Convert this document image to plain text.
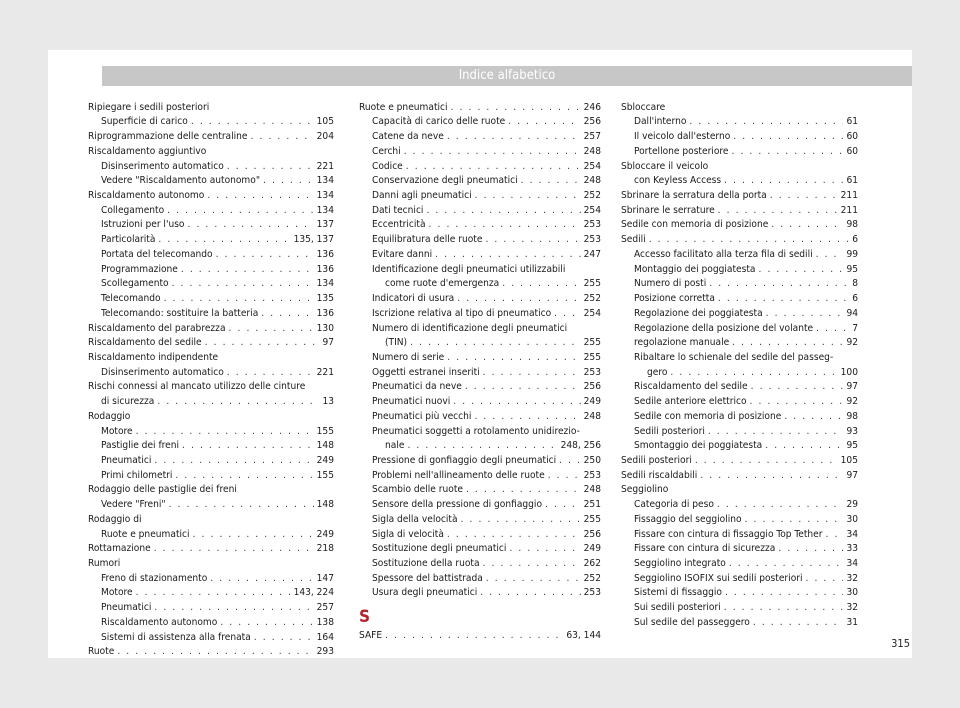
Indice alfabetico
Ripiegare i sedili posteriori
Superficie di carico . . .	105
Riprogrammazione delle centraline . . .	204
Riscaldamento aggiuntivo
Disinserimento automatico . . .	221
Vedere "Riscaldamento autonomo" . . .	134
Riscaldamento autonomo . . .	134
Collegamento . . .	134
Istruzioni per l'uso . . .	137
Particolarità . . .	135, 137
Portata del telecomando . . .	136
Programmazione . . .	136
Scollegamento . . .	134
Telecomando . . .	135
Telecomando: sostituire la batteria . . .	136
Riscaldamento del parabrezza . . .	130
Riscaldamento del sedile . . .	97
Riscaldamento indipendente
Disinserimento automatico . . .	221
Rischi connessi al mancato utilizzo delle cinture
di sicurezza . . .	13
Rodaggio
Motore . . .	155
Pastiglie dei freni . . .	148
Pneumatici . . .	249
Primi chilometri . . .	155
Rodaggio delle pastiglie dei freni
Vedere "Freni" . . .	148
Rodaggio di
Ruote e pneumatici . . .	249
Rottamazione . . .	218
Rumori
Freno di stazionamento . . .	147
Motore . . .	143, 224
Pneumatici . . .	257
Riscaldamento autonomo . . .	138
Sistemi di assistenza alla frenata . . .	164
Ruote . . .	293
Ruote e pneumatici . . .	246
Capacità di carico delle ruote . . .	256
Catene da neve . . .	257
Cerchi . . .	248
Codice . . .	254
Conservazione degli pneumatici . . .	248
Danni agli pneumatici . . .	252
Dati tecnici . . .	254
Eccentricità . . .	253
Equilibratura delle ruote . . .	253
Evitare danni . . .	247
Identificazione degli pneumatici utilizzabili
come ruote d'emergenza . . .	255
Indicatori di usura . . .	252
Iscrizione relativa al tipo di pneumatico . . .	254
Numero di identificazione degli pneumatici
(TIN) . . .	255
Numero di serie . . .	255
Oggetti estranei inseriti . . .	253
Pneumatici da neve . . .	256
Pneumatici nuovi . . .	249
Pneumatici più vecchi . . .	248
Pneumatici soggetti a rotolamento unidirezio-
nale . . .	248, 256
Pressione di gonfiaggio degli pneumatici . . .	250
Problemi nell'allineamento delle ruote . . .	253
Scambio delle ruote . . .	248
Sensore della pressione di gonfiaggio . . .	251
Sigla della velocità . . .	255
Sigla di velocità . . .	256
Sostituzione degli pneumatici . . .	249
Sostituzione della ruota . . .	262
Spessore del battistrada . . .	252
Usura degli pneumatici . . .	253
S
SAFE . . .	63, 144
Sbloccare
Dall'interno . . .	61
Il veicolo dall'esterno . . .	60
Portellone posteriore . . .	60
Sbloccare il veicolo
con Keyless Access . . .	61
Sbrinare la serratura della porta . . .	211
Sbrinare le serrature . . .	211
Sedile con memoria di posizione . . .	98
Sedili . . .	6
Accesso facilitato alla terza fila di sedili . . .	99
Montaggio dei poggiatesta . . .	95
Numero di posti . . .	8
Posizione corretta . . .	6
Regolazione dei poggiatesta . . .	94
Regolazione della posizione del volante . . .	7
regolazione manuale . . .	92
Ribaltare lo schienale del sedile del passeg-
gero . . .	100
Riscaldamento del sedile . . .	97
Sedile anteriore elettrico . . .	92
Sedile con memoria di posizione . . .	98
Sedili posteriori . . .	93
Smontaggio dei poggiatesta . . .	95
Sedili posteriori . . .	105
Sedili riscaldabili . . .	97
Seggiolino
Categoria di peso . . .	29
Fissaggio del seggiolino . . .	30
Fissare con cintura di fissaggio Top Tether . . . 34
Fissare con cintura di sicurezza . . .	33
Seggiolino integrato . . .	34
Seggiolino ISOFIX sui sedili posteriori . . .	32
Sistemi di fissaggio . . .	30
Sui sedili posteriori . . .	32
Sul sedile del passeggero . . .	31
315
